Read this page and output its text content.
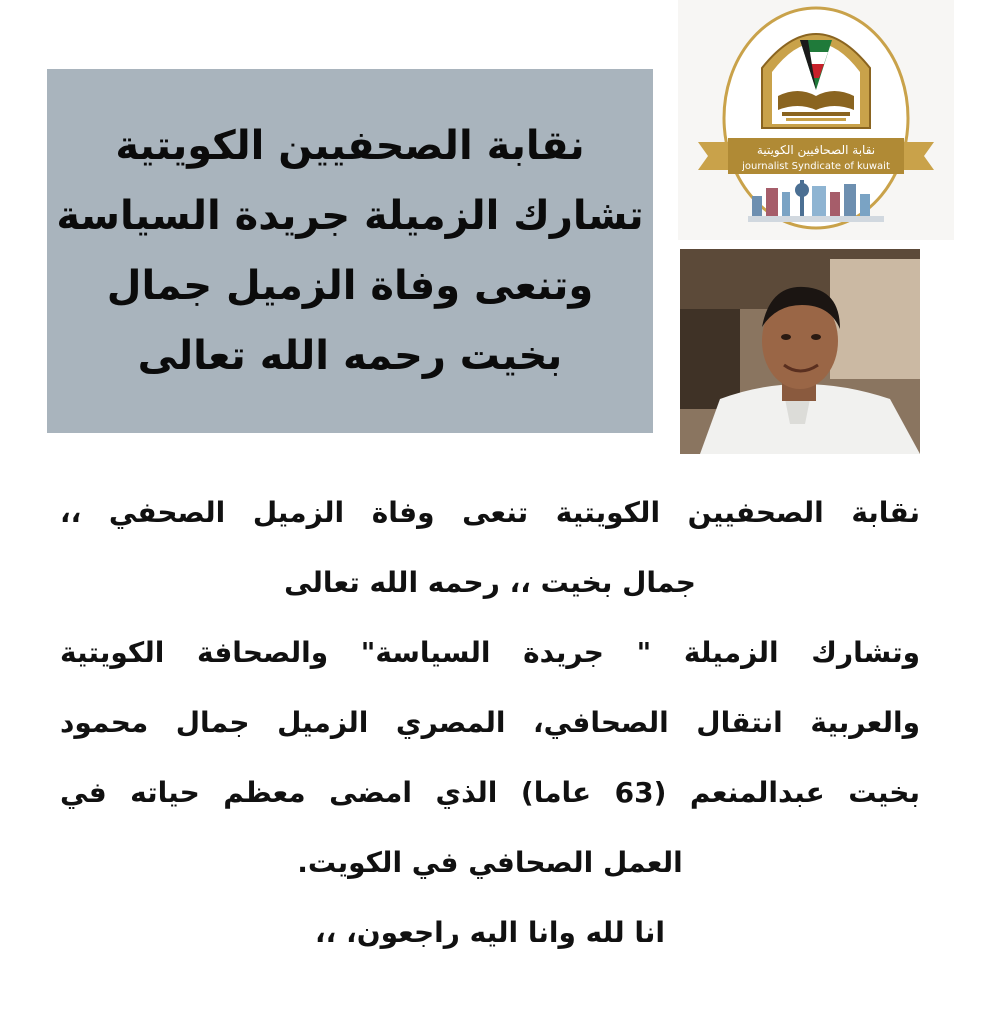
نقابة الصحفيين الكويتية
تشارك الزميلة جريدة السياسة
وتنعى وفاة الزميل جمال
بخيت رحمه الله تعالى
نقابة الصحافيين الكويتية
journalist Syndicate of kuwait
نقابة الصحفيين الكويتية تنعى وفاة الزميل الصحفي ،،
جمال بخيت ،، رحمه الله تعالى
وتشارك الزميلة " جريدة السياسة" والصحافة الكويتية
والعربية انتقال الصحافي، المصري الزميل جمال محمود
بخيت عبدالمنعم (63 عاما) الذي امضى معظم حياته في
العمل الصحافي في الكويت.
انا لله وانا اليه راجعون، ،،
